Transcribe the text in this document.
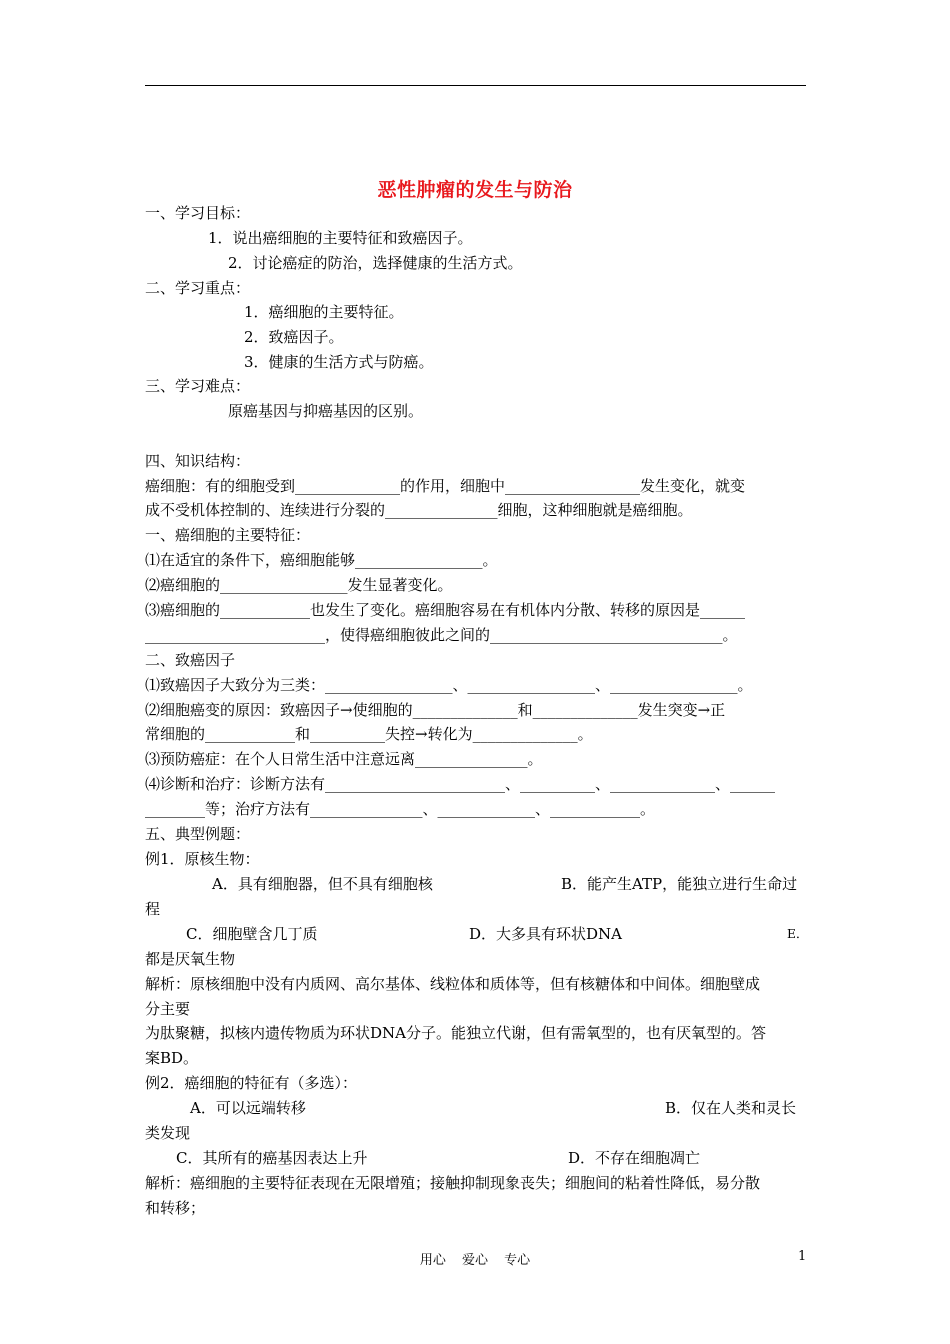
恶性肿瘤的发生与防治
一、学习目标：
1．说出癌细胞的主要特征和致癌因子。
2．讨论癌症的防治，选择健康的生活方式。
二、学习重点：
1．癌细胞的主要特征。
2．致癌因子。
3．健康的生活方式与防癌。
三、学习难点：
原癌基因与抑癌基因的区别。
四、知识结构：
癌细胞：有的细胞受到______________的作用，细胞中__________________发生变化，就变
成不受机体控制的、连续进行分裂的_______________细胞，这种细胞就是癌细胞。
一、癌细胞的主要特征：
⑴在适宜的条件下，癌细胞能够_________________。
⑵癌细胞的_________________发生显著变化。
⑶癌细胞的____________也发生了变化。癌细胞容易在有机体内分散、转移的原因是______
________________________，使得癌细胞彼此之间的_______________________________。
二、致癌因子
⑴致癌因子大致分为三类：_________________、_________________、_________________。
⑵细胞癌变的原因：致癌因子→使细胞的______________和______________发生突变→正
常细胞的____________和__________失控→转化为______________。
⑶预防癌症：在个人日常生活中注意远离_______________。
⑷诊断和治疗：诊断方法有________________________、__________、______________、______
________等；治疗方法有_______________、_____________、____________。
五、典型例题：
例1．原核生物：
A．具有细胞器，但不具有细胞核	B．能产生ATP，能独立进行生命过
程
C．细胞壁含几丁质	D．大多具有环状DNA	E．
都是厌氧生物
解析：原核细胞中没有内质网、高尔基体、线粒体和质体等，但有核糖体和中间体。细胞壁成
分主要
为肽聚糖，拟核内遗传物质为环状DNA分子。能独立代谢，但有需氧型的，也有厌氧型的。答
案BD。
例2．癌细胞的特征有（多选）：
A．可以远端转移	B．仅在人类和灵长
类发现
C．其所有的癌基因表达上升	D．不存在细胞凋亡
解析：癌细胞的主要特征表现在无限增殖；接触抑制现象丧失；细胞间的粘着性降低，易分散
和转移；
用心 爱心 专心	1
